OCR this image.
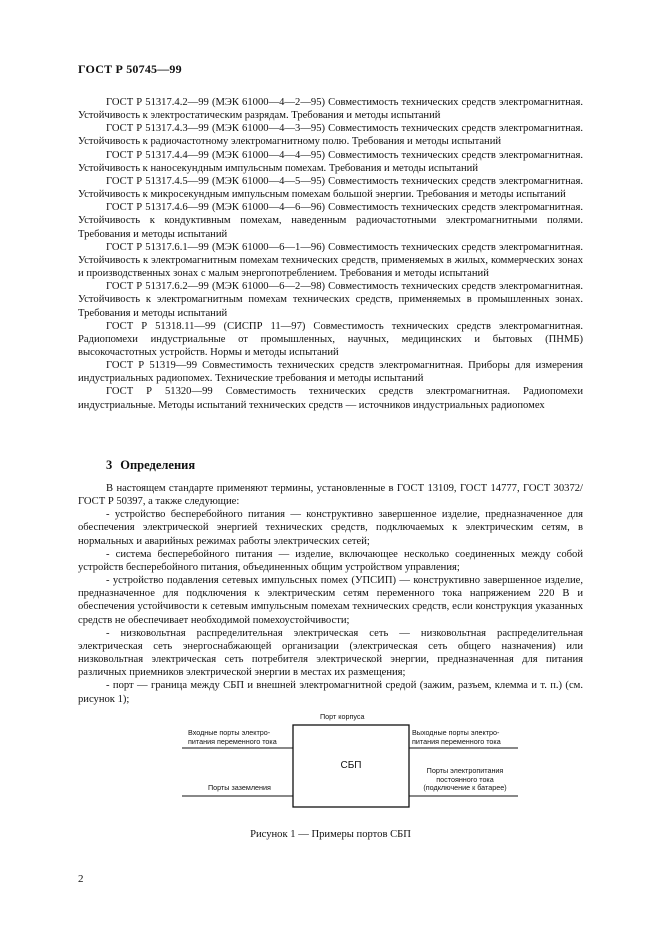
ГОСТ Р 50745—99

ГОСТ Р 51317.4.2—99 (МЭК 61000—4—2—95) Совместимость технических средств электромагнитная. Устойчивость к электростатическим разрядам. Требования и методы испытаний

ГОСТ Р 51317.4.3—99 (МЭК 61000—4—3—95) Совместимость технических средств электромагнитная. Устойчивость к радиочастотному электромагнитному полю. Требования и методы испытаний

ГОСТ Р 51317.4.4—99 (МЭК 61000—4—4—95) Совместимость технических средств электромагнитная. Устойчивость к наносекундным импульсным помехам. Требования и методы испытаний

ГОСТ Р 51317.4.5—99 (МЭК 61000—4—5—95) Совместимость технических средств электромагнитная. Устойчивость к микросекундным импульсным помехам большой энергии. Требования и методы испытаний

ГОСТ Р 51317.4.6—99 (МЭК 61000—4—6—96) Совместимость технических средств электромагнитная. Устойчивость к кондуктивным помехам, наведенным радиочастотными электромагнитными полями. Требования и методы испытаний

ГОСТ Р 51317.6.1—99 (МЭК 61000—6—1—96) Совместимость технических средств электромагнитная. Устойчивость к электромагнитным помехам технических средств, применяемых в жилых, коммерческих зонах и производственных зонах с малым энергопотреблением. Требования и методы испытаний

ГОСТ Р 51317.6.2—99 (МЭК 61000—6—2—98) Совместимость технических средств электромагнитная. Устойчивость к электромагнитным помехам технических средств, применяемых в промышленных зонах. Требования и методы испытаний

ГОСТ Р 51318.11—99 (СИСПР 11—97) Совместимость технических средств электромагнитная. Радиопомехи индустриальные от промышленных, научных, медицинских и бытовых (ПНМБ) высокочастотных устройств. Нормы и методы испытаний

ГОСТ Р 51319—99 Совместимость технических средств электромагнитная. Приборы для измерения индустриальных радиопомех. Технические требования и методы испытаний

ГОСТ Р 51320—99 Совместимость технических средств электромагнитная. Радиопомехи индустриальные. Методы испытаний технических средств — источников индустриальных радиопомех

3 Определения

В настоящем стандарте применяют термины, установленные в ГОСТ 13109, ГОСТ 14777, ГОСТ 30372/ГОСТ Р 50397, а также следующие:

- устройство бесперебойного питания — конструктивно завершенное изделие, предназначенное для обеспечения электрической энергией технических средств, подключаемых к электрическим сетям, в нормальных и аварийных режимах работы электрических сетей;

- система бесперебойного питания — изделие, включающее несколько соединенных между собой устройств бесперебойного питания, объединенных общим устройством управления;

- устройство подавления сетевых импульсных помех (УПСИП) — конструктивно завершенное изделие, предназначенное для подключения к электрическим сетям переменного тока напряжением 220 В и обеспечения устойчивости к сетевым импульсным помехам технических средств, если конструкция указанных средств не обеспечивает необходимой помехоустойчивости;

- низковольтная распределительная электрическая сеть — низковольтная распределительная электрическая сеть энергоснабжающей организации (электрическая сеть общего назначения) или низковольтная электрическая сеть потребителя электрической энергии, предназначенная для питания различных приемников электрической энергии в местах их размещения;

- порт — граница между СБП и внешней электромагнитной средой (зажим, разъем, клемма и т. п.) (см. рисунок 1);

Порт корпуса
Входные порты электро-питания переменного тока
Выходные порты электро-питания переменного тока
СБП
Порты заземления
Порты электропитания постоянного тока (подключение к батарее)
Рисунок 1 — Примеры портов СБП
2
